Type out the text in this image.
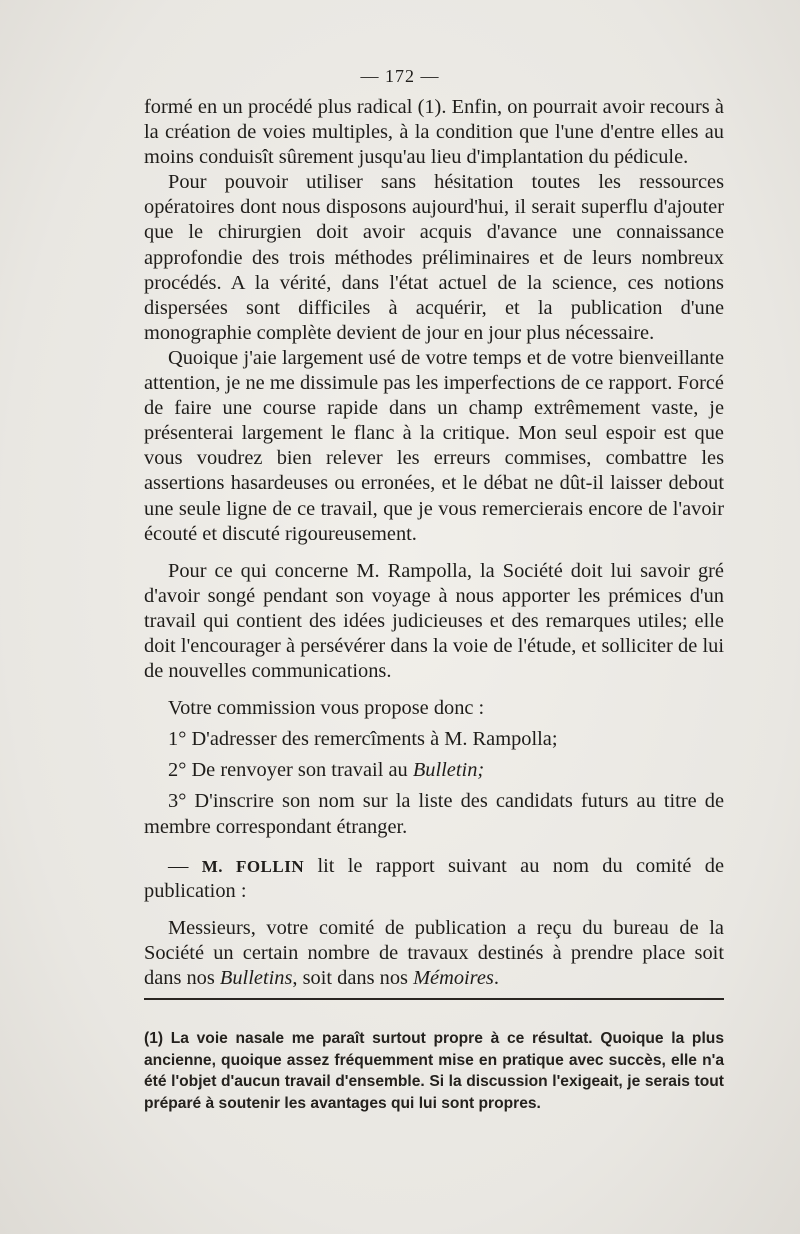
— 172 —

formé en un procédé plus radical (1). Enfin, on pourrait avoir recours à la création de voies multiples, à la condition que l'une d'entre elles au moins conduisît sûrement jusqu'au lieu d'implantation du pédicule.

Pour pouvoir utiliser sans hésitation toutes les ressources opératoires dont nous disposons aujourd'hui, il serait superflu d'ajouter que le chirurgien doit avoir acquis d'avance une connaissance approfondie des trois méthodes préliminaires et de leurs nombreux procédés. A la vérité, dans l'état actuel de la science, ces notions dispersées sont difficiles à acquérir, et la publication d'une monographie complète devient de jour en jour plus nécessaire.

Quoique j'aie largement usé de votre temps et de votre bienveillante attention, je ne me dissimule pas les imperfections de ce rapport. Forcé de faire une course rapide dans un champ extrêmement vaste, je présenterai largement le flanc à la critique. Mon seul espoir est que vous voudrez bien relever les erreurs commises, combattre les assertions hasardeuses ou erronées, et le débat ne dût-il laisser debout une seule ligne de ce travail, que je vous remercierais encore de l'avoir écouté et discuté rigoureusement.

Pour ce qui concerne M. Rampolla, la Société doit lui savoir gré d'avoir songé pendant son voyage à nous apporter les prémices d'un travail qui contient des idées judicieuses et des remarques utiles; elle doit l'encourager à persévérer dans la voie de l'étude, et solliciter de lui de nouvelles communications.

Votre commission vous propose donc :

1° D'adresser des remercîments à M. Rampolla;

2° De renvoyer son travail au Bulletin;

3° D'inscrire son nom sur la liste des candidats futurs au titre de membre correspondant étranger.

— M. FOLLIN lit le rapport suivant au nom du comité de publication :

Messieurs, votre comité de publication a reçu du bureau de la Société un certain nombre de travaux destinés à prendre place soit dans nos Bulletins, soit dans nos Mémoires.

(1) La voie nasale me paraît surtout propre à ce résultat. Quoique la plus ancienne, quoique assez fréquemment mise en pratique avec succès, elle n'a été l'objet d'aucun travail d'ensemble. Si la discussion l'exigeait, je serais tout préparé à soutenir les avantages qui lui sont propres.
